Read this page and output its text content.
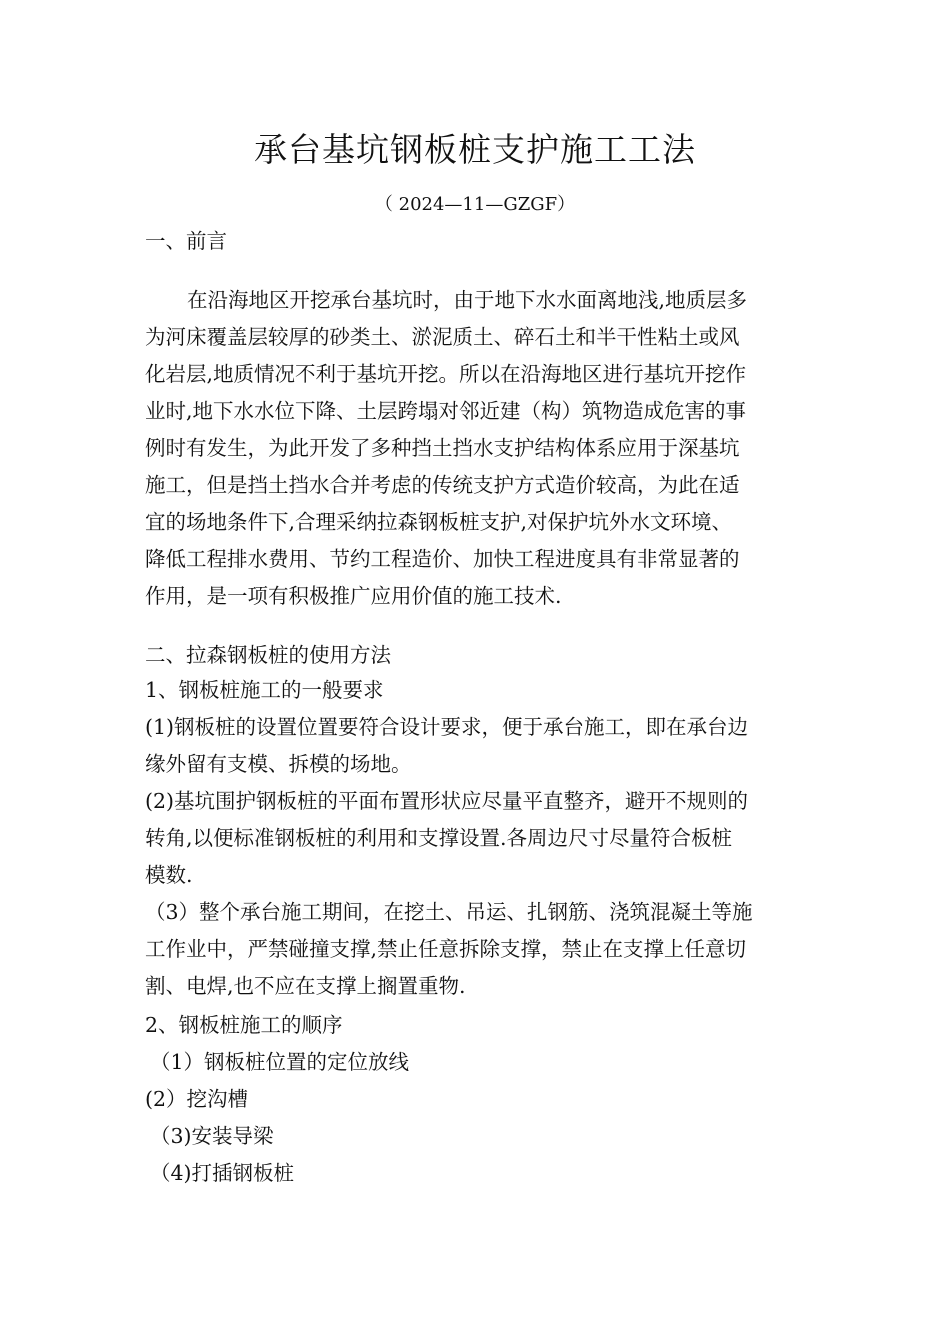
承台基坑钢板桩支护施工工法
（ 2024—11—GZGF）
一、前言
在沿海地区开挖承台基坑时，由于地下水水面离地浅,地质层多
为河床覆盖层较厚的砂类土、淤泥质土、碎石土和半干性粘土或风
化岩层,地质情况不利于基坑开挖。所以在沿海地区进行基坑开挖作
业时,地下水水位下降、土层跨塌对邻近建（构）筑物造成危害的事
例时有发生，为此开发了多种挡土挡水支护结构体系应用于深基坑
施工，但是挡土挡水合并考虑的传统支护方式造价较高，为此在适
宜的场地条件下,合理采纳拉森钢板桩支护,对保护坑外水文环境、
降低工程排水费用、节约工程造价、加快工程进度具有非常显著的
作用，是一项有积极推广应用价值的施工技术.
二、拉森钢板桩的使用方法
1、钢板桩施工的一般要求
(1)钢板桩的设置位置要符合设计要求，便于承台施工，即在承台边
缘外留有支模、拆模的场地。
(2)基坑围护钢板桩的平面布置形状应尽量平直整齐，避开不规则的
转角,以便标准钢板桩的利用和支撑设置.各周边尺寸尽量符合板桩
模数.
（3）整个承台施工期间，在挖土、吊运、扎钢筋、浇筑混凝土等施
工作业中，严禁碰撞支撑,禁止任意拆除支撑，禁止在支撑上任意切
割、电焊,也不应在支撑上搁置重物.
2、钢板桩施工的顺序
（1）钢板桩位置的定位放线
(2）挖沟槽
（3)安装导梁
（4)打插钢板桩
